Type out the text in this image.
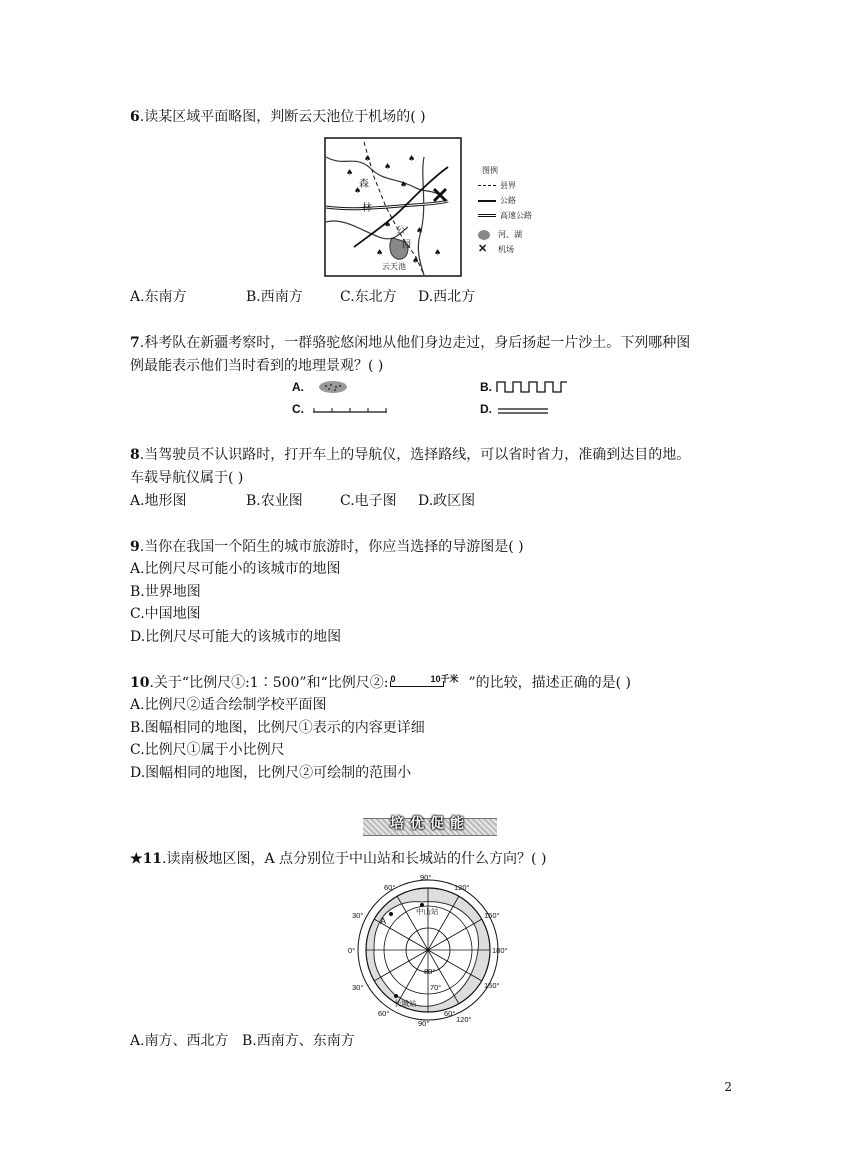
6.读某区域平面略图，判断云天池位于机场的( )
♠
♠
♠
♠
♠
♠
♠
♠
♠
♠
♠
森
林
公
园
云天池
图例
县界
公路
高速公路
河、湖
✕ 机场
A.东南方	B.西南方	C.东北方 D.西北方
7.科考队在新疆考察时，一群骆驼悠闲地从他们身边走过，身后扬起一片沙土。下列哪种图
例最能表示他们当时看到的地理景观？( )
A.	B.
C.	D.
8.当驾驶员不认识路时，打开车上的导航仪，选择路线，可以省时省力，准确到达目的地。
车载导航仪属于( )
A.地形图	B.农业图	C.电子图 D.政区图
9.当你在我国一个陌生的城市旅游时，你应当选择的导游图是( )
A.比例尺尽可能小的该城市的地图
B.世界地图
C.中国地图
D.比例尺尽可能大的该城市的地图
10.关于“比例尺①:1∶500”和“比例尺②: 0	10千米 ”的比较，描述正确的是( )
A.比例尺②适合绘制学校平面图
B.图幅相同的地图，比例尺①表示的内容更详细
C.比例尺①属于小比例尺
D.图幅相同的地图，比例尺②可绘制的范围小
培优促能
★11.读南极地区图，A 点分别位于中山站和长城站的什么方向？( )
90°
60°	120°
30°	150°
0°	180°
30°	150°
60°	60°
120°
90°
80°
70°
中山站
长城站
A
A.南方、西北方 B.西南方、东南方
2
